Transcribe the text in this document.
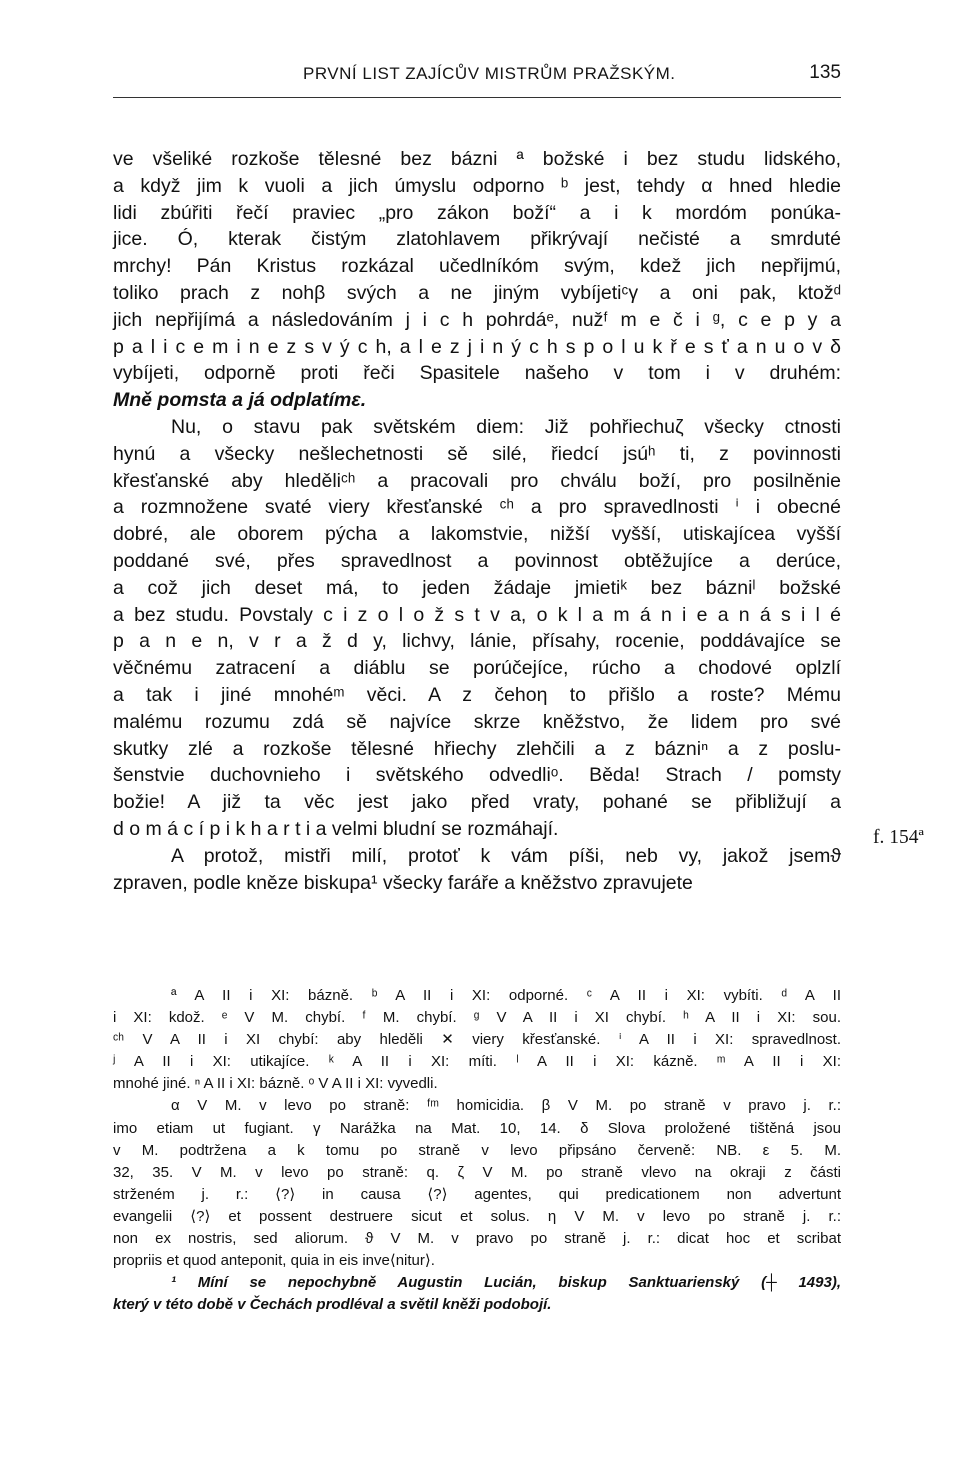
PRVNÍ LIST ZAJÍCŮV MISTRŮM PRAŽSKÝM.	135
ve všeliké rozkoše tělesné bez bázni ª božské i bez studu lidského,
a když jim k vuoli a jich úmyslu odporno ᵇ jest, tehdy α hned hledie
lidi zbúřiti řečí praviec „pro zákon boží“ a i k mordóm ponúka-
jice. Ó, kterak čistým zlatohlavem přikrývají nečisté a smrduté
mrchy! Pán Kristus rozkázal učedlníkóm svým, kdež jich nepřijmú,
toliko prach z nohβ svých a ne jiným vybíjetiᶜγ a oni pak, ktožᵈ
jich nepřijímá a následováním j i c h pohrdáᵉ, nužᶠ m e č i ᵍ, c e p y a
p a l i c e m i n e z s v ý c h, a l e z j i n ý c h s p o l u k ř e s ť a n u o v δ
vybíjeti, odporně proti řeči Spasitele našeho v tom i v druhém:
Mně pomsta a já odplatímε.
Nu, o stavu pak světském diem: Již pohřiechuζ všecky ctnosti
hynú a všecky nešlechetnosti sě silé, řiedcí jsúʰ ti, z povinnosti
křesťanské aby hleděliᶜʰ a pracovali pro chválu boží, pro posilněnie
a rozmnožene svaté viery křesťanské ᶜʰ a pro spravedlnosti ⁱ i obecné
dobré, ale oborem pýcha a lakomstvie, nižší vyšší, utiskajícea vyšší
poddané své, přes spravedlnost a povinnost obtěžujíce a derúce,
a což jich deset má, to jeden žádaje jmietiᵏ bez bázniˡ božské
a bez studu. Povstaly c i z o l o ž s t v a, o k l a m á n i e a n á s i l é
p a n e n, v r a ž d y, lichvy, lánie, přísahy, rocenie, poddávajíce se
věčnému zatracení a diáblu se porúčejíce, rúcho a chodové oplzlí
a tak i jiné mnohéᵐ věci. A z čehoη to přišlo a roste? Mému
malému rozumu zdá sě najvíce skrze kněžstvo, že lidem pro své
skutky zlé a rozkoše tělesné hřiechy zlehčili a z bázniⁿ a z poslu-
šenstvie duchovnieho i světského odvedliᵒ. Běda! Strach / pomsty
božie! A již ta věc jest jako před vraty, pohané se přibližují a
d o m á c í p i k h a r t i a velmi bludní se rozmáhají.
A protož, mistři milí, protoť k vám píši, neb vy, jakož jsemϑ
zpraven, podle kněze biskupa¹ všecky faráře a kněžstvo zpravujete
f. 154ª
ª A II i XI: bázně. ᵇ A II i XI: odporné. ᶜ A II i XI: vybíti. ᵈ A II
i XI: kdož. ᵉ V M. chybí. ᶠ M. chybí. ᵍ V A II i XI chybí. ʰ A II i XI: sou.
ᶜʰ V A II i XI chybí: aby hleděli ✕ viery křesťanské. ⁱ A II i XI: spravedlnost.
ʲ A II i XI: utikajíce. ᵏ A II i XI: míti. ˡ A II i XI: kázně. ᵐ A II i XI:
mnohé jiné. ⁿ A II i XI: bázně. ᵒ V A II i XI: vyvedli.
α V M. v levo po straně: ᶠᵐ homicidia. β V M. po straně v pravo j. r.:
imo etiam ut fugiant. γ Narážka na Mat. 10, 14. δ Slova proložené tištěná jsou
v M. podtržena a k tomu po straně v levo připsáno červeně: NB. ε 5. M.
32, 35. V M. v levo po straně: q. ζ V M. po straně vlevo na okraji z části
strženém j. r.: ⟨?⟩ in causa ⟨?⟩ agentes, qui predicationem non advertunt
evangelii ⟨?⟩ et possent destruere sicut et solus. η V M. v levo po straně j. r.:
non ex nostris, sed aliorum. ϑ V M. v pravo po straně j. r.: dicat hoc et scribat
propriis et quod anteponit, quia in eis inve⟨nitur⟩.
¹ Míní se nepochybně Augustin Lucián, biskup Sanktuarienský (┼ 1493),
který v této době v Čechách prodléval a světil kněži podobojí.
